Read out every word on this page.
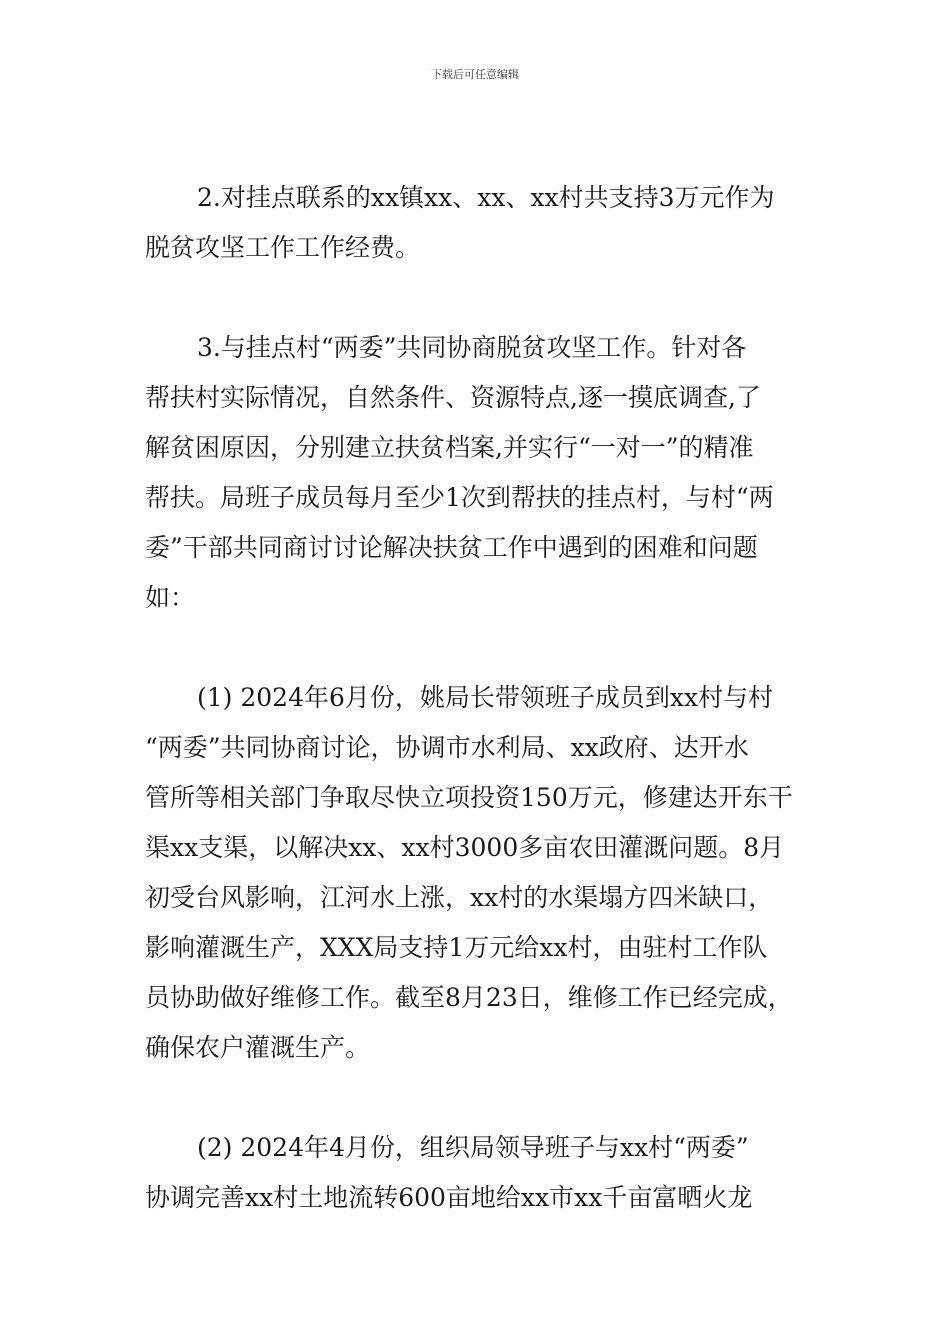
下载后可任意编辑
2.对挂点联系的xx镇xx、xx、xx村共支持3万元作为
脱贫攻坚工作工作经费。
3.与挂点村“两委”共同协商脱贫攻坚工作。针对各
帮扶村实际情况，自然条件、资源特点,逐一摸底调查,了
解贫困原因，分别建立扶贫档案,并实行“一对一”的精准
帮扶。局班子成员每月至少1次到帮扶的挂点村，与村“两
委”干部共同商讨讨论解决扶贫工作中遇到的困难和问题
如：
(1) 2024年6月份，姚局长带领班子成员到xx村与村
“两委”共同协商讨论，协调市水利局、xx政府、达开水
管所等相关部门争取尽快立项投资150万元，修建达开东干
渠xx支渠，以解决xx、xx村3000多亩农田灌溉问题。8月
初受台风影响，江河水上涨，xx村的水渠塌方四米缺口，
影响灌溉生产，XXX局支持1万元给xx村，由驻村工作队
员协助做好维修工作。截至8月23日，维修工作已经完成，
确保农户灌溉生产。
(2) 2024年4月份，组织局领导班子与xx村“两委”
协调完善xx村土地流转600亩地给xx市xx千亩富晒火龙
